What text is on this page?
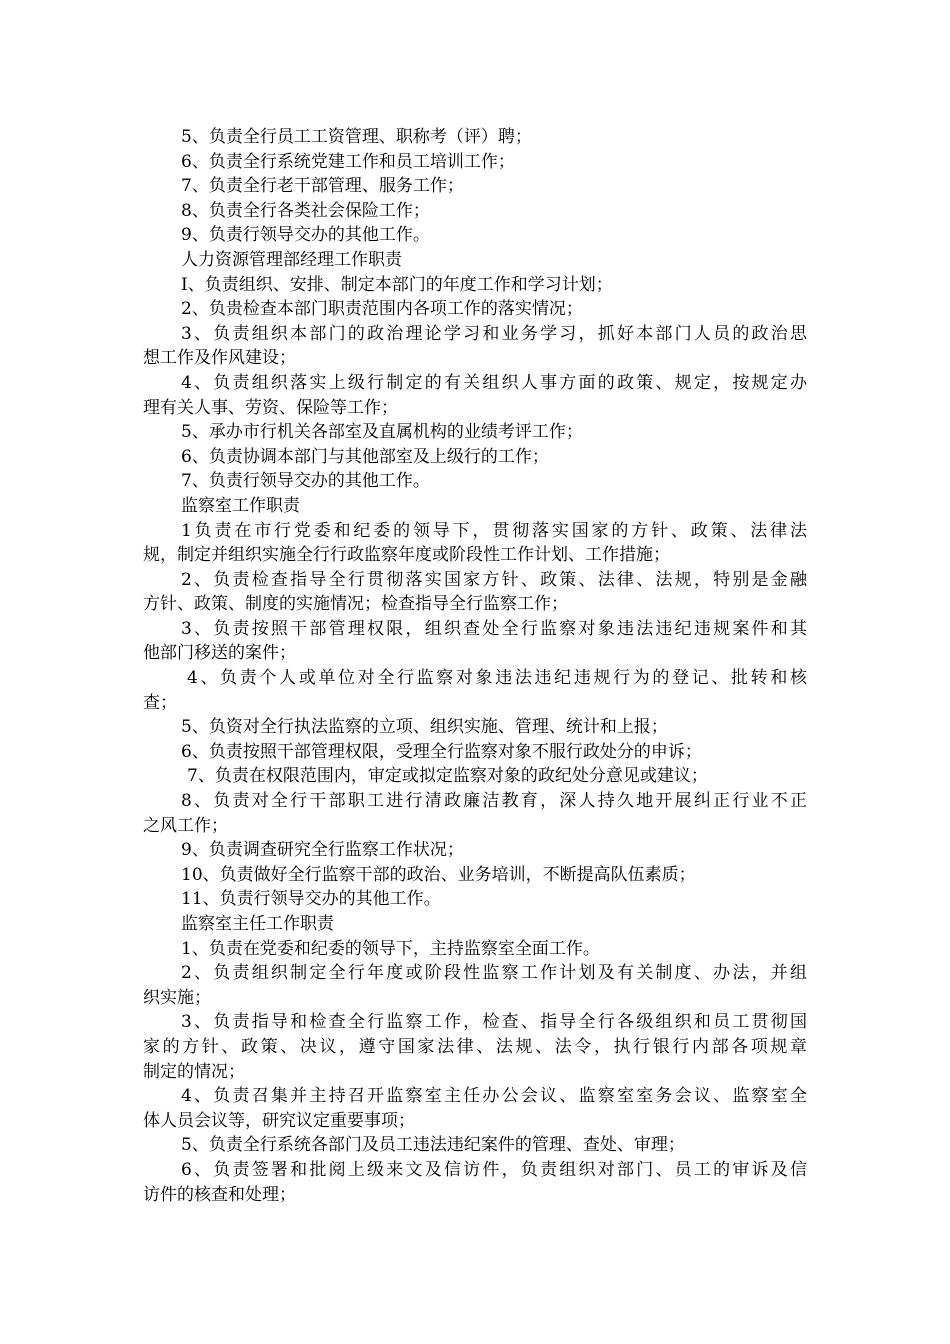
5、负责全行员工工资管理、职称考（评）聘；
6、负责全行系统党建工作和员工培训工作；
7、负责全行老干部管理、服务工作；
8、负责全行各类社会保险工作；
9、负责行领导交办的其他工作。
人力资源管理部经理工作职责
I、负责组织、安排、制定本部门的年度工作和学习计划；
2、负贵检查本部门职责范围内各项工作的落实情况；
3、负责组织本部门的政治理论学习和业务学习，抓好本部门人员的政治思
想工作及作风建设；
4、负责组织落实上级行制定的有关组织人事方面的政策、规定，按规定办
理有关人事、劳资、保险等工作；
5、承办市行机关各部室及直属机构的业绩考评工作；
6、负责协调本部门与其他部室及上级行的工作；
7、负责行领导交办的其他工作。
监察室工作职责
1负责在市行党委和纪委的领导下，贯彻落实国家的方针、政策、法律法
规，制定并组织实施全行行政监察年度或阶段性工作计划、工作措施；
2、负责检查指导全行贯彻落实国家方针、政策、法律、法规，特别是金融
方针、政策、制度的实施情况；检查指导全行监察工作；
3、负责按照干部管理权限，组织查处全行监察对象违法违纪违规案件和其
他部门移送的案件；
4、负责个人或单位对全行监察对象违法违纪违规行为的登记、批转和核
查；
5、负资对全行执法监察的立项、组织实施、管理、统计和上报；
6、负责按照干部管理权限，受理全行监察对象不服行政处分的申诉；
7、负责在权限范围内，审定或拟定监察对象的政纪处分意见或建议；
8、负责对全行干部职工进行清政廉洁教育，深人持久地开展纠正行业不正
之风工作；
9、负责调查研究全行监察工作状况；
10、负责做好全行监察干部的政治、业务培训，不断提高队伍素质；
11、负责行领导交办的其他工作。
监察室主任工作职责
1、负责在党委和纪委的领导下，主持监察室全面工作。
2、负责组织制定全行年度或阶段性监察工作计划及有关制度、办法，并组
织实施；
3、负责指导和检查全行监察工作，检查、指导全行各级组织和员工贯彻国
家的方针、政策、决议，遵守国家法律、法规、法令，执行银行内部各项规章
制定的情况；
4、负责召集并主持召开监察室主任办公会议、监察室室务会议、监察室全
体人员会议等，研究议定重要事项；
5、负责全行系统各部门及员工违法违纪案件的管理、查处、审理；
6、负责签署和批阅上级来文及信访件，负责组织对部门、员工的审诉及信
访件的核查和处理；
